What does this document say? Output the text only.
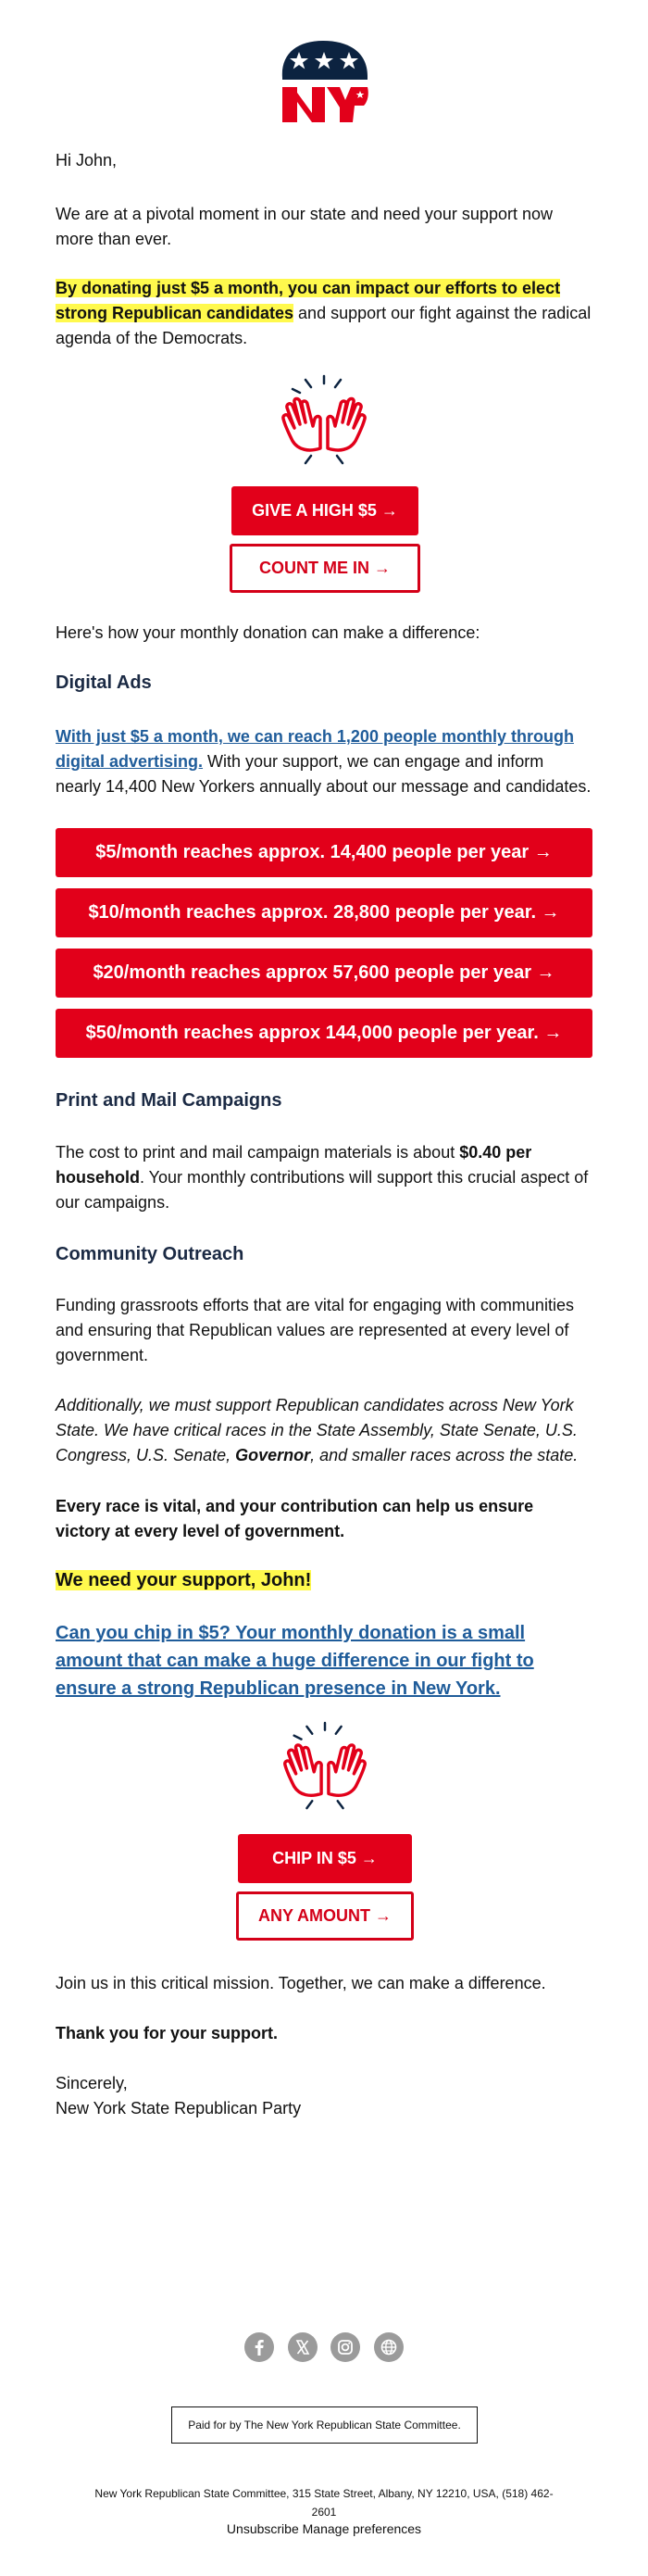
Hi John,

We are at a pivotal moment in our state and need your support now more than ever.

By donating just $5 a month, you can impact our efforts to elect strong Republican candidates and support our fight against the radical agenda of the Democrats.

GIVE A HIGH $5 →
COUNT ME IN →

Here's how your monthly donation can make a difference:

Digital Ads

With just $5 a month, we can reach 1,200 people monthly through digital advertising. With your support, we can engage and inform nearly 14,400 New Yorkers annually about our message and candidates.

$5/month reaches approx. 14,400 people per year →
$10/month reaches approx. 28,800 people per year. →
$20/month reaches approx 57,600 people per year →
$50/month reaches approx 144,000 people per year. →
Print and Mail Campaigns

The cost to print and mail campaign materials is about $0.40 per household. Your monthly contributions will support this crucial aspect of our campaigns.

Community Outreach

Funding grassroots efforts that are vital for engaging with communities and ensuring that Republican values are represented at every level of government.

Additionally, we must support Republican candidates across New York State. We have critical races in the State Assembly, State Senate, U.S. Congress, U.S. Senate, Governor, and smaller races across the state.

Every race is vital, and your contribution can help us ensure victory at every level of government.

We need your support, John!

Can you chip in $5? Your monthly donation is a small amount that can make a huge difference in our fight to ensure a strong Republican presence in New York.

CHIP IN $5 →
ANY AMOUNT →

Join us in this critical mission. Together, we can make a difference.

Thank you for your support.

Sincerely,

New York State Republican Party

Paid for by The New York Republican State Committee.
New York Republican State Committee, 315 State Street, Albany, NY 12210, USA, (518) 462-2601
Unsubscribe Manage preferences
